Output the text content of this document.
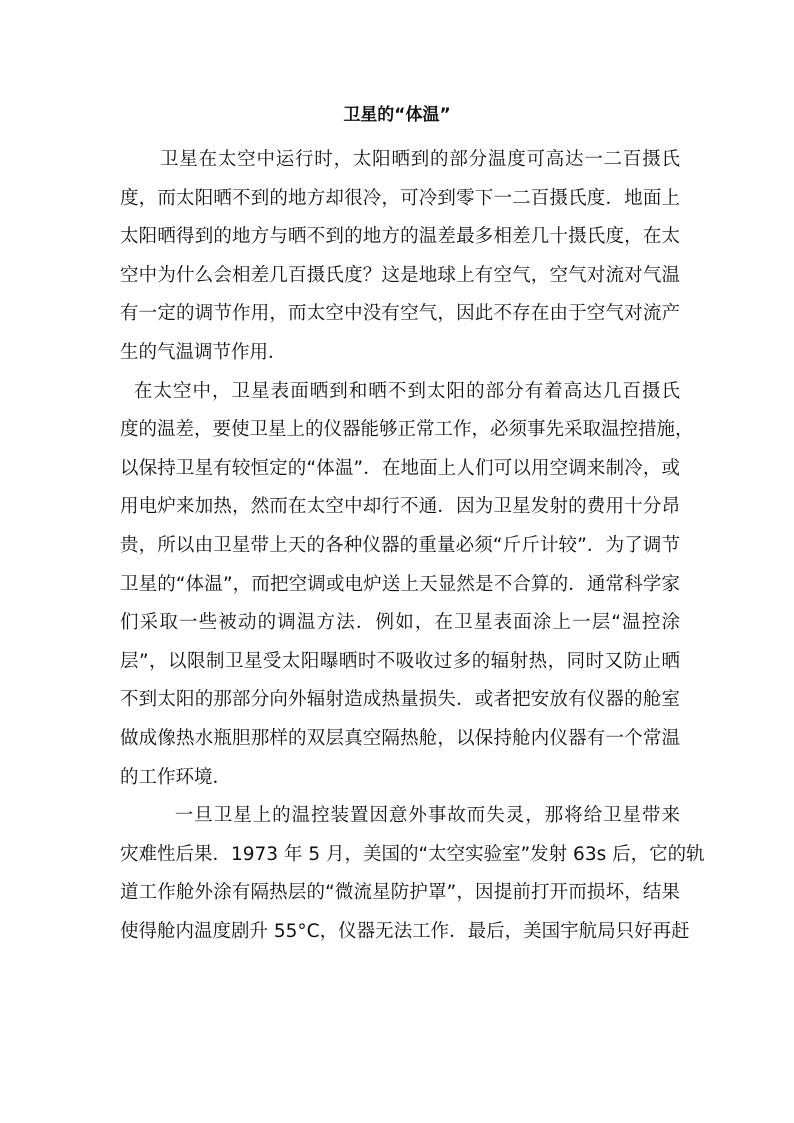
卫星的“体温”
卫星在太空中运行时，太阳晒到的部分温度可高达一二百摄氏
度，而太阳晒不到的地方却很冷，可冷到零下一二百摄氏度．地面上
太阳晒得到的地方与晒不到的地方的温差最多相差几十摄氏度，在太
空中为什么会相差几百摄氏度？这是地球上有空气，空气对流对气温
有一定的调节作用，而太空中没有空气，因此不存在由于空气对流产
生的气温调节作用．
在太空中，卫星表面晒到和晒不到太阳的部分有着高达几百摄氏
度的温差，要使卫星上的仪器能够正常工作，必须事先采取温控措施，
以保持卫星有较恒定的“体温”．在地面上人们可以用空调来制冷，或
用电炉来加热，然而在太空中却行不通．因为卫星发射的费用十分昂
贵，所以由卫星带上天的各种仪器的重量必须“斤斤计较”．为了调节
卫星的“体温”，而把空调或电炉送上天显然是不合算的．通常科学家
们采取一些被动的调温方法．例如，在卫星表面涂上一层“温控涂
层”，以限制卫星受太阳曝晒时不吸收过多的辐射热，同时又防止晒
不到太阳的那部分向外辐射造成热量损失．或者把安放有仪器的舱室
做成像热水瓶胆那样的双层真空隔热舱，以保持舱内仪器有一个常温
的工作环境．
一旦卫星上的温控装置因意外事故而失灵，那将给卫星带来
灾难性后果．1973 年 5 月，美国的“太空实验室”发射 63s 后，它的轨
道工作舱外涂有隔热层的“微流星防护罩”，因提前打开而损坏，结果
使得舱内温度剧升 55°C，仪器无法工作．最后，美国宇航局只好再赶
